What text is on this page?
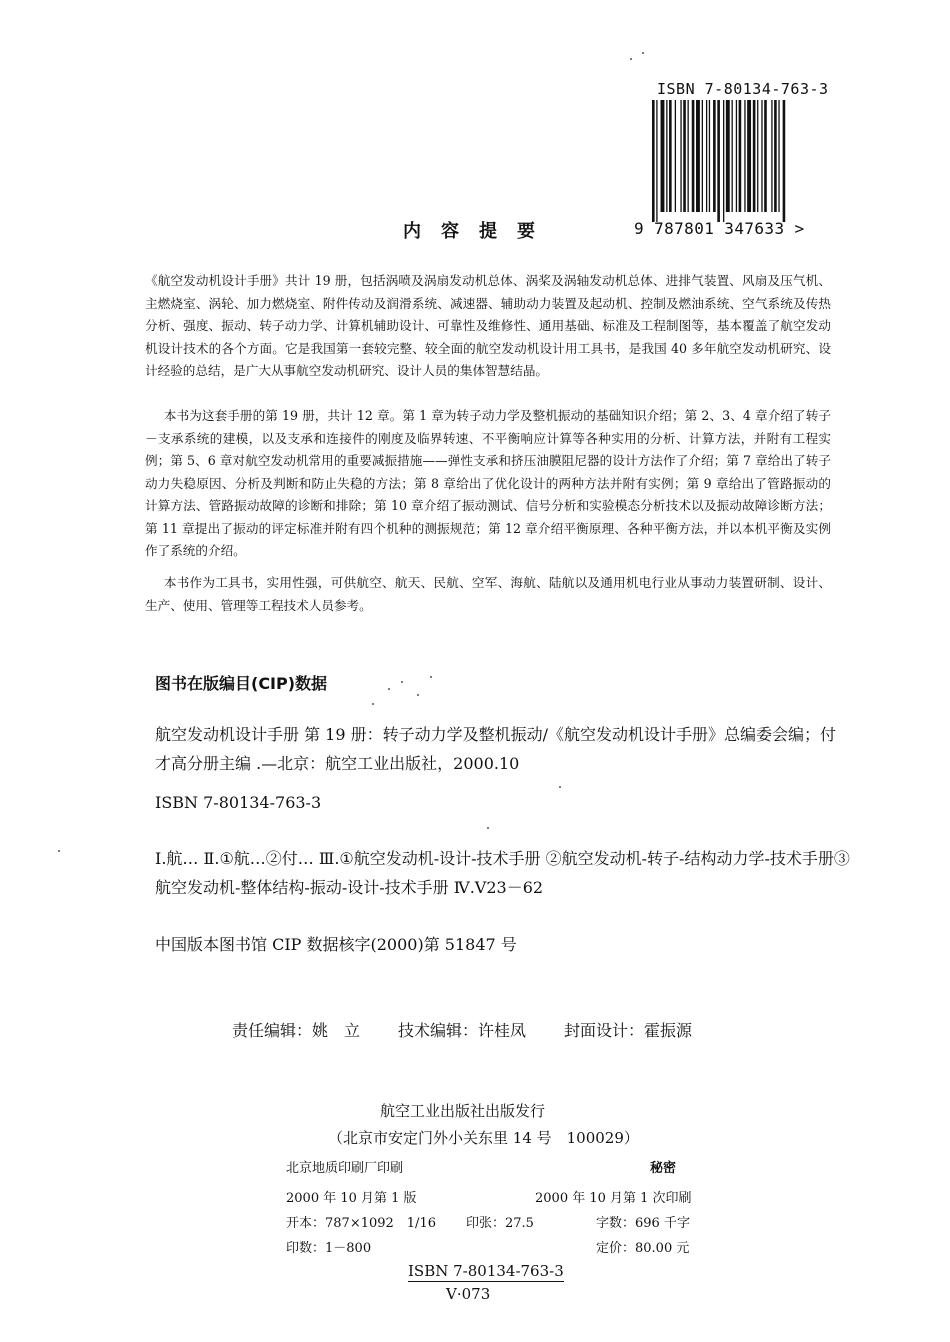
ISBN 7-80134-763-3
9 787801 347633 >
内容提要
《航空发动机设计手册》共计 19 册，包括涡喷及涡扇发动机总体、涡桨及涡轴发动机总体、进排气装置、风扇及压气机、主燃烧室、涡轮、加力燃烧室、附件传动及润滑系统、减速器、辅助动力装置及起动机、控制及燃油系统、空气系统及传热分析、强度、振动、转子动力学、计算机辅助设计、可靠性及维修性、通用基础、标准及工程制图等，基本覆盖了航空发动机设计技术的各个方面。它是我国第一套较完整、较全面的航空发动机设计用工具书，是我国 40 多年航空发动机研究、设计经验的总结，是广大从事航空发动机研究、设计人员的集体智慧结晶。
本书为这套手册的第 19 册，共计 12 章。第 1 章为转子动力学及整机振动的基础知识介绍；第 2、3、4 章介绍了转子－支承系统的建模，以及支承和连接件的刚度及临界转速、不平衡响应计算等各种实用的分析、计算方法，并附有工程实例；第 5、6 章对航空发动机常用的重要减振措施——弹性支承和挤压油膜阻尼器的设计方法作了介绍；第 7 章给出了转子动力失稳原因、分析及判断和防止失稳的方法；第 8 章给出了优化设计的两种方法并附有实例；第 9 章给出了管路振动的计算方法、管路振动故障的诊断和排除；第 10 章介绍了振动测试、信号分析和实验模态分析技术以及振动故障诊断方法；第 11 章提出了振动的评定标准并附有四个机种的测振规范；第 12 章介绍平衡原理、各种平衡方法，并以本机平衡及实例作了系统的介绍。
本书作为工具书，实用性强，可供航空、航天、民航、空军、海航、陆航以及通用机电行业从事动力装置研制、设计、生产、使用、管理等工程技术人员参考。
图书在版编目(CIP)数据
航空发动机设计手册 第 19 册：转子动力学及整机振动/《航空发动机设计手册》总编委会编；付才高分册主编 .—北京：航空工业出版社，2000.10
ISBN 7-80134-763-3
Ⅰ.航… Ⅱ.①航…②付… Ⅲ.①航空发动机-设计-技术手册 ②航空发动机-转子-结构动力学-技术手册③航空发动机-整体结构-振动-设计-技术手册 Ⅳ.V23－62
中国版本图书馆 CIP 数据核字(2000)第 51847 号
责任编辑：姚　立 技术编辑：许桂凤 封面设计：霍振源
航空工业出版社出版发行
（北京市安定门外小关东里 14 号　100029）
北京地质印刷厂印刷	秘密
2000 年 10 月第 1 版	2000 年 10 月第 1 次印刷
开本：787×1092　1/16 印张：27.5	字数：696 千字
印数：1－800	定价：80.00 元
ISBN 7-80134-763-3
V·073
